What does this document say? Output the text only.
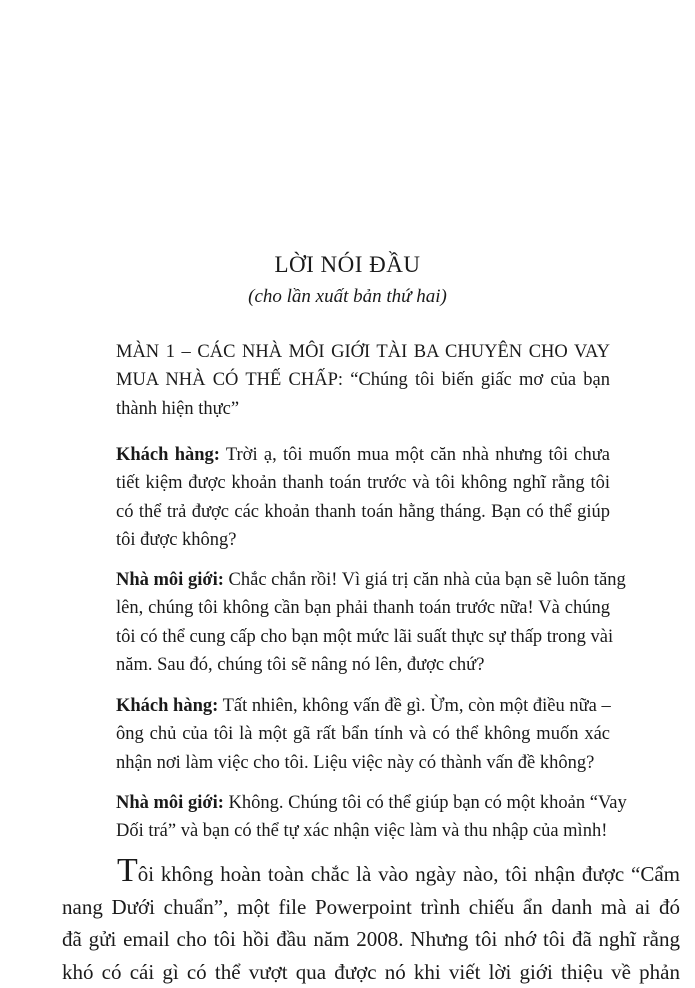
LỜI NÓI ĐẦU
(cho lần xuất bản thứ hai)
MÀN 1 – CÁC NHÀ MÔI GIỚI TÀI BA CHUYÊN CHO VAY
MUA NHÀ CÓ THẾ CHẤP: “Chúng tôi biến giấc mơ của bạn
thành hiện thực”
Khách hàng: Trời ạ, tôi muốn mua một căn nhà nhưng tôi chưa
tiết kiệm được khoản thanh toán trước và tôi không nghĩ rằng tôi
có thể trả được các khoản thanh toán hằng tháng. Bạn có thể giúp
tôi được không?
Nhà môi giới: Chắc chắn rồi! Vì giá trị căn nhà của bạn sẽ luôn tăng
lên, chúng tôi không cần bạn phải thanh toán trước nữa! Và chúng
tôi có thể cung cấp cho bạn một mức lãi suất thực sự thấp trong vài
năm. Sau đó, chúng tôi sẽ nâng nó lên, được chứ?
Khách hàng: Tất nhiên, không vấn đề gì. Ừm, còn một điều nữa –
ông chủ của tôi là một gã rất bẩn tính và có thể không muốn xác
nhận nơi làm việc cho tôi. Liệu việc này có thành vấn đề không?
Nhà môi giới: Không. Chúng tôi có thể giúp bạn có một khoản “Vay
Dối trá” và bạn có thể tự xác nhận việc làm và thu nhập của mình!
Tôi không hoàn toàn chắc là vào ngày nào, tôi nhận được “Cẩm
nang Dưới chuẩn”, một file Powerpoint trình chiếu ẩn danh mà ai đó
đã gửi email cho tôi hồi đầu năm 2008. Nhưng tôi nhớ tôi đã nghĩ rằng
khó có cái gì có thể vượt qua được nó khi viết lời giới thiệu về phản
